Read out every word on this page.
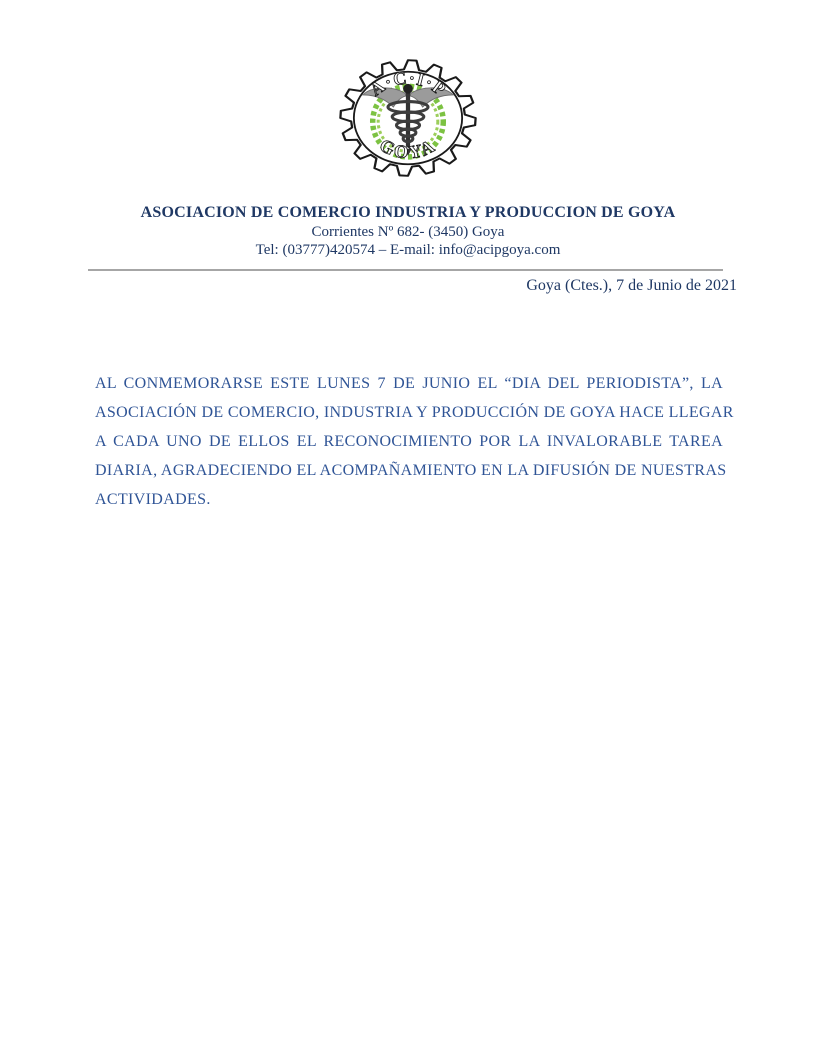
A·C·I·P
GOYA
ASOCIACION DE COMERCIO INDUSTRIA Y PRODUCCION DE GOYA
Corrientes Nº 682- (3450) Goya
Tel: (03777)420574 – E-mail: info@acipgoya.com
Goya (Ctes.), 7 de Junio de 2021
AL CONMEMORARSE ESTE LUNES 7 DE JUNIO EL “DIA DEL PERIODISTA”, LA
ASOCIACIÓN DE COMERCIO, INDUSTRIA Y PRODUCCIÓN DE GOYA HACE LLEGAR
A CADA UNO DE ELLOS EL RECONOCIMIENTO POR LA INVALORABLE TAREA
DIARIA, AGRADECIENDO EL ACOMPAÑAMIENTO EN LA DIFUSIÓN DE NUESTRAS
ACTIVIDADES.
